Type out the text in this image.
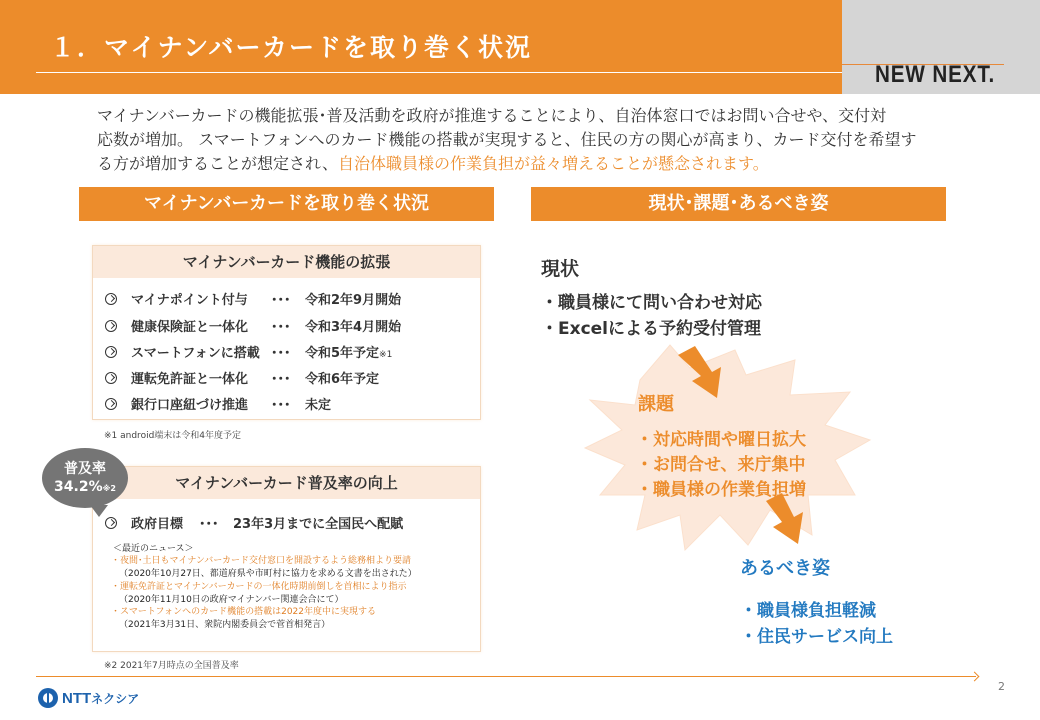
１．マイナンバーカードを取り巻く状況
NEW NEXT.
マイナンバーカードの機能拡張･普及活動を政府が推進することにより、自治体窓口ではお問い合せや、交付対
応数が増加。 スマートフォンへのカード機能の搭載が実現すると、住民の方の関心が高まり、カード交付を希望す
る方が増加することが想定され、自治体職員様の作業負担が益々増えることが懸念されます。
マイナンバーカードを取り巻く状況	現状･課題･あるべき姿
マイナンバーカード機能の拡張
マイナポイント付与 ･･･ 令和2年9月開始
健康保険証と一体化 ･･･ 令和3年4月開始
スマートフォンに搭載 ･･･ 令和5年予定※1
運転免許証と一体化 ･･･ 令和6年予定
銀行口座紐づけ推進 ･･･ 未定
※1 android端末は令和4年度予定
マイナンバーカード普及率の向上
政府目標 ･･･ 23年3月までに全国民へ配賦
＜最近のニュース＞
・夜間･土日もマイナンバーカード交付窓口を開設するよう総務相より要請
（2020年10月27日、都道府県や市町村に協力を求める文書を出された）
・運転免許証とマイナンバーカードの一体化時期前倒しを首相により指示
（2020年11月10日の政府マイナンバー関連会合にて）
・スマートフォンへのカード機能の搭載は2022年度中に実現する
（2021年3月31日、衆院内閣委員会で菅首相発言）
※2 2021年7月時点の全国普及率
普及率
34.2%※2
現状
・職員様にて問い合わせ対応
・Excelによる予約受付管理
課題
・対応時間や曜日拡大
・お問合せ、来庁集中
・職員様の作業負担増
あるべき姿
・職員様負担軽減
・住民サービス向上
2
NTTネクシア
